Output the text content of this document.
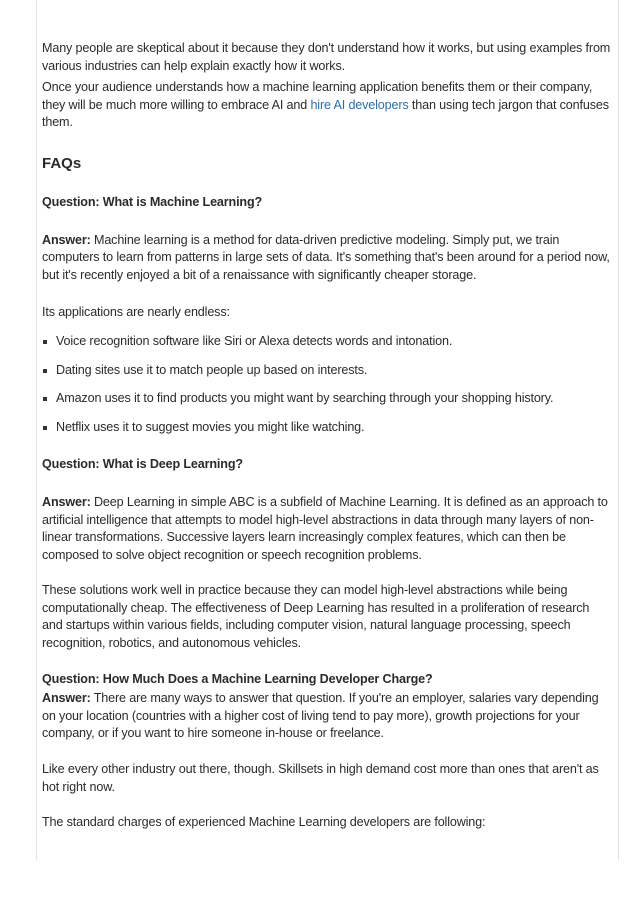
Many people are skeptical about it because they don't understand how it works, but using examples from various industries can help explain exactly how it works.

Once your audience understands how a machine learning application benefits them or their company, they will be much more willing to embrace AI and hire AI developers than using tech jargon that confuses them.

FAQs

Question: What is Machine Learning?

Answer: Machine learning is a method for data-driven predictive modeling. Simply put, we train computers to learn from patterns in large sets of data. It's something that's been around for a period now, but it's recently enjoyed a bit of a renaissance with significantly cheaper storage.

Its applications are nearly endless:

Voice recognition software like Siri or Alexa detects words and intonation.
Dating sites use it to match people up based on interests.
Amazon uses it to find products you might want by searching through your shopping history.
Netflix uses it to suggest movies you might like watching.

Question: What is Deep Learning?

Answer: Deep Learning in simple ABC is a subfield of Machine Learning. It is defined as an approach to artificial intelligence that attempts to model high-level abstractions in data through many layers of non-linear transformations. Successive layers learn increasingly complex features, which can then be composed to solve object recognition or speech recognition problems.

These solutions work well in practice because they can model high-level abstractions while being computationally cheap. The effectiveness of Deep Learning has resulted in a proliferation of research and startups within various fields, including computer vision, natural language processing, speech recognition, robotics, and autonomous vehicles.

Question: How Much Does a Machine Learning Developer Charge?

Answer: There are many ways to answer that question. If you're an employer, salaries vary depending on your location (countries with a higher cost of living tend to pay more), growth projections for your company, or if you want to hire someone in-house or freelance.

Like every other industry out there, though. Skillsets in high demand cost more than ones that aren't as hot right now.

The standard charges of experienced Machine Learning developers are following:
